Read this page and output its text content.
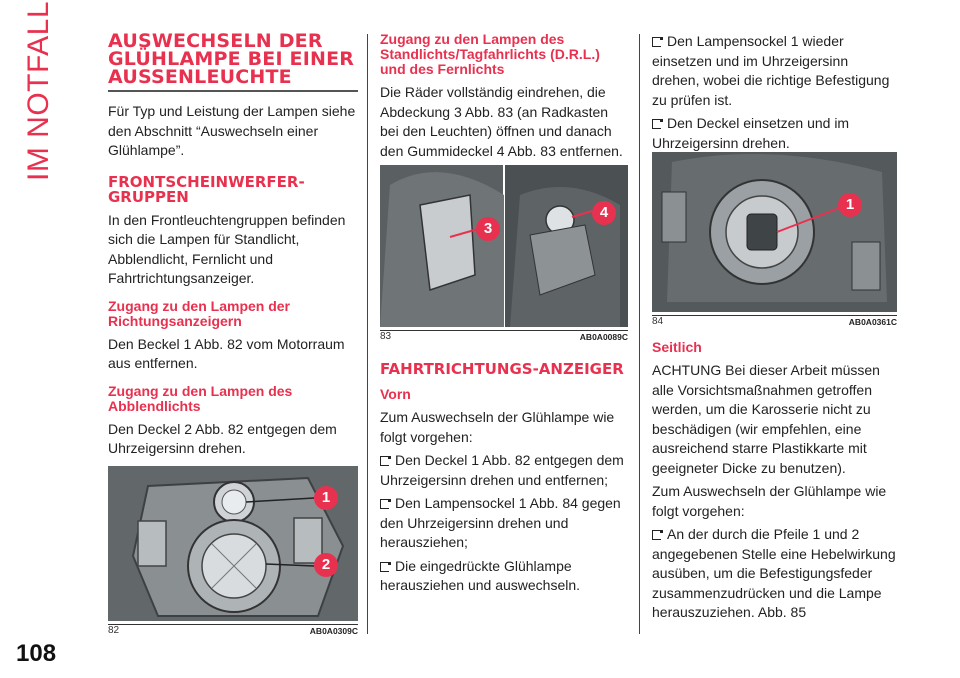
IM NOTFALL
108
AUSWECHSELN DER GLÜHLAMPE BEI EINER AUSSENLEUCHTE

Für Typ und Leistung der Lampen siehe den Abschnitt “Auswechseln einer Glühlampe”.

FRONTSCHEINWERFER-GRUPPEN

In den Frontleuchtengruppen befinden sich die Lampen für Standlicht, Abblendlicht, Fernlicht und Fahrtrichtungsanzeiger.

Zugang zu den Lampen der Richtungsanzeigern

Den Beckel 1 Abb. 82 vom Motorraum aus entfernen.

Zugang zu den Lampen des Abblendlichts

Den Deckel 2 Abb. 82 entgegen dem Uhrzeigersinn drehen.

1
2
82	AB0A0309C
Zugang zu den Lampen des Standlichts/Tagfahrlichts (D.R.L.) und des Fernlichts

Die Räder vollständig eindrehen, die Abdeckung 3 Abb. 83 (an Radkasten bei den Leuchten) öffnen und danach den Gummideckel 4 Abb. 83 entfernen.

3
4
83	AB0A0089C
FAHRTRICHTUNGS-ANZEIGER
Vorn

Zum Auswechseln der Glühlampe wie folgt vorgehen:

Den Deckel 1 Abb. 82 entgegen dem Uhrzeigersinn drehen und entfernen;

Den Lampensockel 1 Abb. 84 gegen den Uhrzeigersinn drehen und herausziehen;

Die eingedrückte Glühlampe herausziehen und auswechseln.

Den Lampensockel 1 wieder einsetzen und im Uhrzeigersinn drehen, wobei die richtige Befestigung zu prüfen ist.

Den Deckel einsetzen und im Uhrzeigersinn drehen.

1
84	AB0A0361C
Seitlich

ACHTUNG Bei dieser Arbeit müssen alle Vorsichtsmaßnahmen getroffen werden, um die Karosserie nicht zu beschädigen (wir empfehlen, eine ausreichend starre Plastikkarte mit geeigneter Dicke zu benutzen).

Zum Auswechseln der Glühlampe wie folgt vorgehen:

An der durch die Pfeile 1 und 2 angegebenen Stelle eine Hebelwirkung ausüben, um die Befestigungsfeder zusammenzudrücken und die Lampe herauszuziehen. Abb. 85
